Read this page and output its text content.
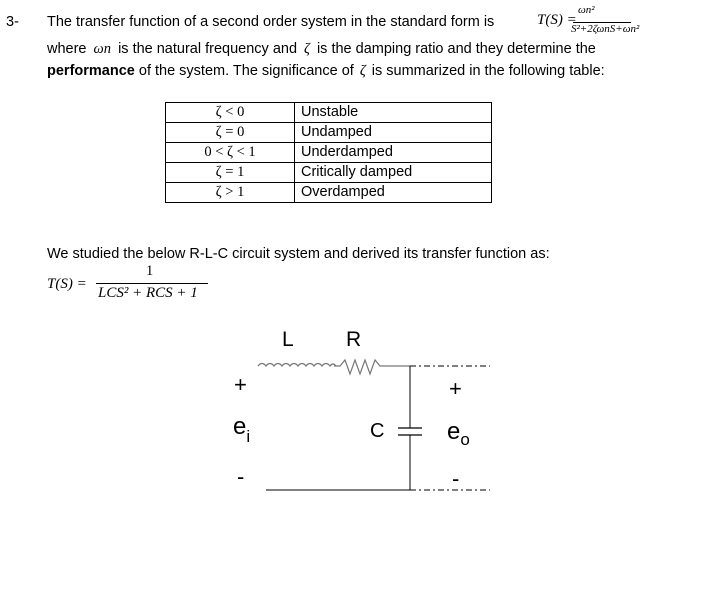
3- The transfer function of a second order system in the standard form is	T(S) =
ωn²
S²+2ζωnS+ωn²
where ωn is the natural frequency and ζ is the damping ratio and they determine the
performance of the system. The significance of ζ is summarized in the following table:
ζ < 0	Unstable
ζ = 0	Undamped
0 < ζ < 1	Underdamped
ζ = 1	Critically damped
ζ > 1	Overdamped
We studied the below R-L-C circuit system and derived its transfer function as:
T(S) =
1
LCS² + RCS + 1
L R
C
+
$e_i$
-
+
$e_o$
-
